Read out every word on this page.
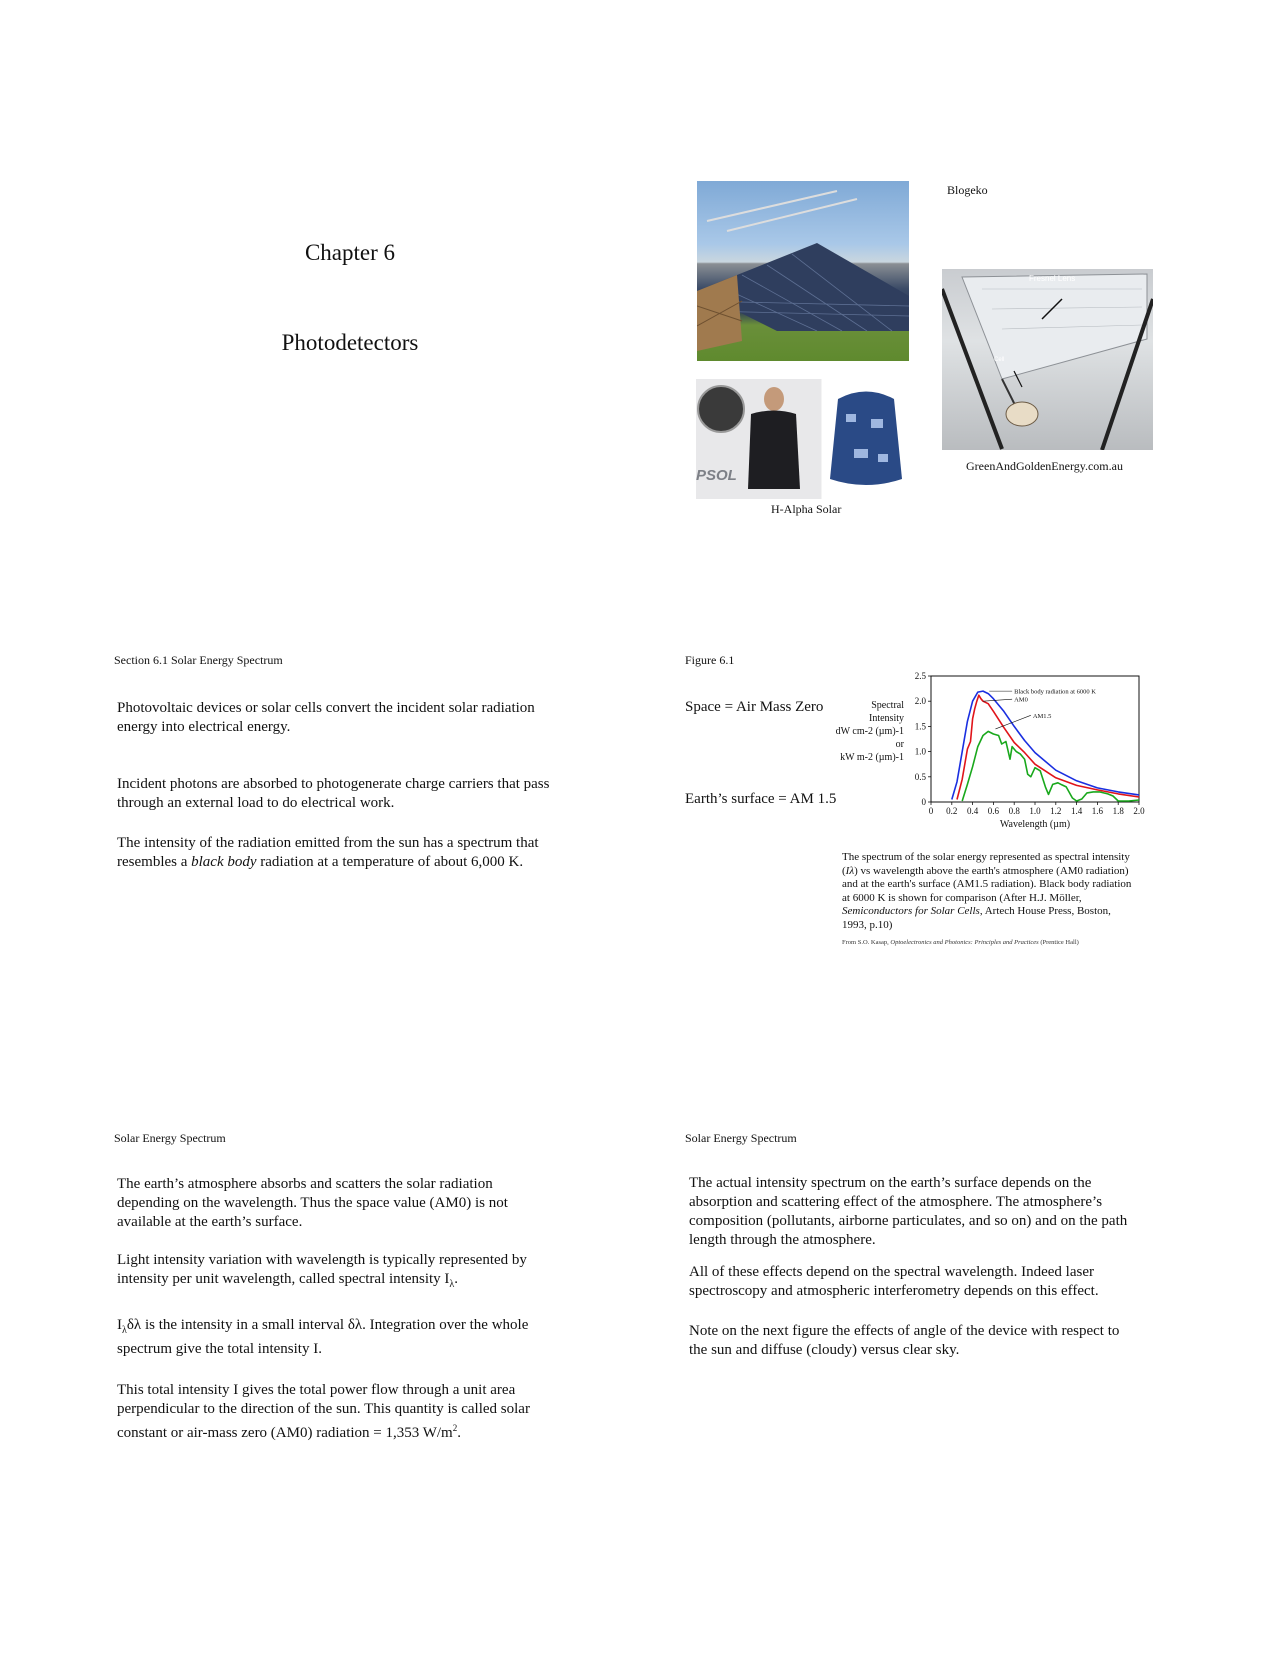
Chapter 6
Photodetectors
Blogeko
Fresnel Lens
Cell
GreenAndGoldenEnergy.com.au
PSOL
H-Alpha Solar
Section 6.1 Solar Energy Spectrum

Photovoltaic devices or solar cells convert the incident solar radiation energy into electrical energy.

Incident photons are absorbed to photogenerate charge carriers that pass through an external load to do electrical work.

The intensity of the radiation emitted from the sun has a spectrum that resembles a black body radiation at a temperature of about 6,000 K.

Figure 6.1
Space = Air Mass Zero
Earth’s surface = AM 1.5
Spectral
Intensity
dW cm-2 (µm)-1
or
kW m-2 (µm)-1
0
0.5
1.0
1.5
2.0
2.5
0 0.2 0.4 0.6 0.8 1.0 1.2 1.4 1.6 1.8 2.0
Wavelength (µm)
Black body radiation at 6000 K
AM0
AM1.5

The spectrum of the solar energy represented as spectral intensity (Iλ) vs wavelength above the earth's atmosphere (AM0 radiation) and at the earth's surface (AM1.5 radiation). Black body radiation at 6000 K is shown for comparison (After H.J. Möller, Semiconductors for Solar Cells, Artech House Press, Boston, 1993, p.10)

From S.O. Kasap, Optoelectronics and Photonics: Principles and Practices (Prentice Hall)

Solar Energy Spectrum

The earth’s atmosphere absorbs and scatters the solar radiation depending on the wavelength. Thus the space value (AM0) is not available at the earth’s surface.

Light intensity variation with wavelength is typically represented by intensity per unit wavelength, called spectral intensity $I_\lambda$.

$I_\lambda\delta\lambda$ is the intensity in a small interval δλ. Integration over the whole spectrum give the total intensity I.

This total intensity I gives the total power flow through a unit area perpendicular to the direction of the sun. This quantity is called solar constant or air-mass zero (AM0) radiation = 1,353 $W/m^2$.

Solar Energy Spectrum

The actual intensity spectrum on the earth’s surface depends on the absorption and scattering effect of the atmosphere. The atmosphere’s composition (pollutants, airborne particulates, and so on) and on the path length through the atmosphere.

All of these effects depend on the spectral wavelength. Indeed laser spectroscopy and atmospheric interferometry depends on this effect.

Note on the next figure the effects of angle of the device with respect to the sun and diffuse (cloudy) versus clear sky.
